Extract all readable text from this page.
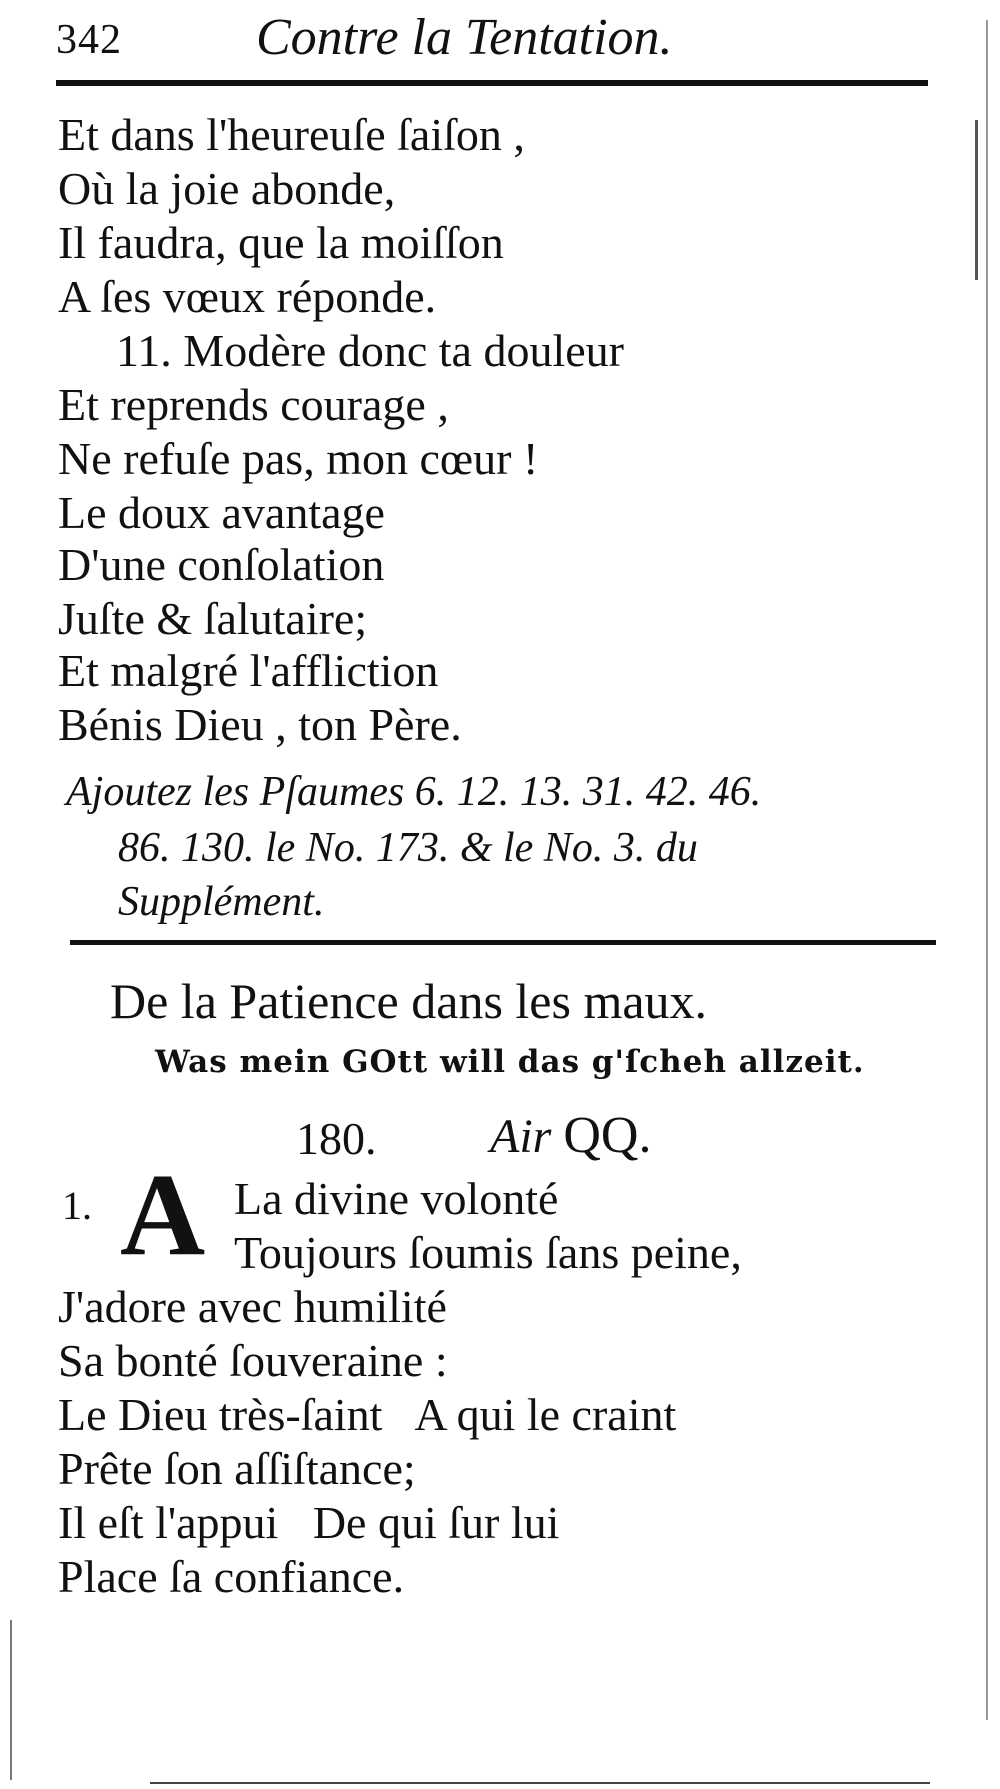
342	Contre la Tentation.
Et dans l'heureuſe ſaiſon ,
Où la joie abonde,
Il faudra, que la moiſſon
A ſes vœux réponde.
11. Modère donc ta douleur
Et reprends courage ,
Ne refuſe pas, mon cœur !
Le doux avantage
D'une conſolation
Juſte & ſalutaire;
Et malgré l'affliction
Bénis Dieu , ton Père.
Ajoutez les Pſaumes 6. 12. 13. 31. 42. 46.
86. 130. le No. 173. & le No. 3. du
Supplément.
De la Patience dans les maux.
Was mein GOtt will das g'ſcheh allzeit.
180. Air QQ.
1. A La divine volonté
Toujours ſoumis ſans peine,
J'adore avec humilité
Sa bonté ſouveraine :
Le Dieu très-ſaint   A qui le craint
Prête ſon aſſiſtance;
Il eſt l'appui   De qui ſur lui
Place ſa confiance.
